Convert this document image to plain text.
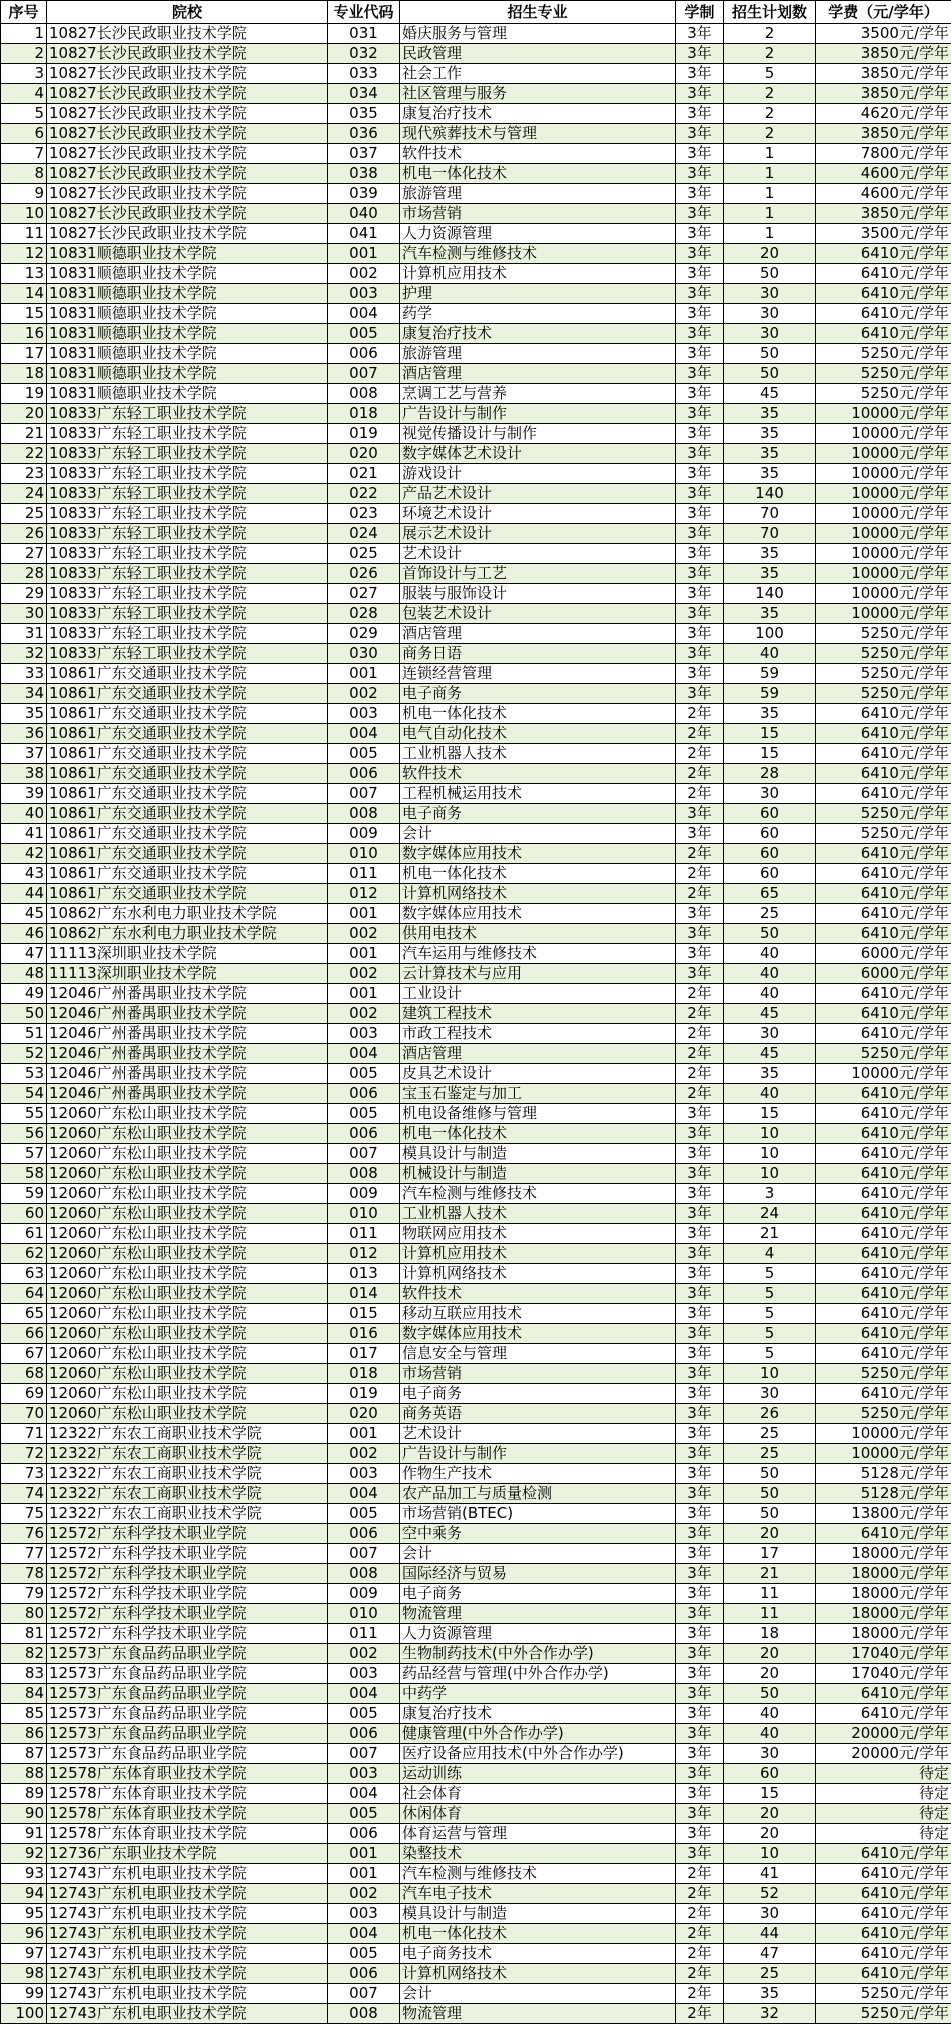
序号	院校	专业代码	招生专业	学制	招生计划数	学费（元/学年）
1	10827长沙民政职业技术学院	031	婚庆服务与管理	3年	2	3500元/学年
2	10827长沙民政职业技术学院	032	民政管理	3年	2	3850元/学年
3	10827长沙民政职业技术学院	033	社会工作	3年	5	3850元/学年
4	10827长沙民政职业技术学院	034	社区管理与服务	3年	2	3850元/学年
5	10827长沙民政职业技术学院	035	康复治疗技术	3年	2	4620元/学年
6	10827长沙民政职业技术学院	036	现代殡葬技术与管理	3年	2	3850元/学年
7	10827长沙民政职业技术学院	037	软件技术	3年	1	7800元/学年
8	10827长沙民政职业技术学院	038	机电一体化技术	3年	1	4600元/学年
9	10827长沙民政职业技术学院	039	旅游管理	3年	1	4600元/学年
10	10827长沙民政职业技术学院	040	市场营销	3年	1	3850元/学年
11	10827长沙民政职业技术学院	041	人力资源管理	3年	1	3500元/学年
12	10831顺德职业技术学院	001	汽车检测与维修技术	3年	20	6410元/学年
13	10831顺德职业技术学院	002	计算机应用技术	3年	50	6410元/学年
14	10831顺德职业技术学院	003	护理	3年	30	6410元/学年
15	10831顺德职业技术学院	004	药学	3年	30	6410元/学年
16	10831顺德职业技术学院	005	康复治疗技术	3年	30	6410元/学年
17	10831顺德职业技术学院	006	旅游管理	3年	50	5250元/学年
18	10831顺德职业技术学院	007	酒店管理	3年	50	5250元/学年
19	10831顺德职业技术学院	008	烹调工艺与营养	3年	45	5250元/学年
20	10833广东轻工职业技术学院	018	广告设计与制作	3年	35	10000元/学年
21	10833广东轻工职业技术学院	019	视觉传播设计与制作	3年	35	10000元/学年
22	10833广东轻工职业技术学院	020	数字媒体艺术设计	3年	35	10000元/学年
23	10833广东轻工职业技术学院	021	游戏设计	3年	35	10000元/学年
24	10833广东轻工职业技术学院	022	产品艺术设计	3年	140	10000元/学年
25	10833广东轻工职业技术学院	023	环境艺术设计	3年	70	10000元/学年
26	10833广东轻工职业技术学院	024	展示艺术设计	3年	70	10000元/学年
27	10833广东轻工职业技术学院	025	艺术设计	3年	35	10000元/学年
28	10833广东轻工职业技术学院	026	首饰设计与工艺	3年	35	10000元/学年
29	10833广东轻工职业技术学院	027	服装与服饰设计	3年	140	10000元/学年
30	10833广东轻工职业技术学院	028	包装艺术设计	3年	35	10000元/学年
31	10833广东轻工职业技术学院	029	酒店管理	3年	100	5250元/学年
32	10833广东轻工职业技术学院	030	商务日语	3年	40	5250元/学年
33	10861广东交通职业技术学院	001	连锁经营管理	3年	59	5250元/学年
34	10861广东交通职业技术学院	002	电子商务	3年	59	5250元/学年
35	10861广东交通职业技术学院	003	机电一体化技术	2年	35	6410元/学年
36	10861广东交通职业技术学院	004	电气自动化技术	2年	15	6410元/学年
37	10861广东交通职业技术学院	005	工业机器人技术	2年	15	6410元/学年
38	10861广东交通职业技术学院	006	软件技术	2年	28	6410元/学年
39	10861广东交通职业技术学院	007	工程机械运用技术	2年	30	6410元/学年
40	10861广东交通职业技术学院	008	电子商务	3年	60	5250元/学年
41	10861广东交通职业技术学院	009	会计	3年	60	5250元/学年
42	10861广东交通职业技术学院	010	数字媒体应用技术	2年	60	6410元/学年
43	10861广东交通职业技术学院	011	机电一体化技术	2年	60	6410元/学年
44	10861广东交通职业技术学院	012	计算机网络技术	2年	65	6410元/学年
45	10862广东水利电力职业技术学院	001	数字媒体应用技术	3年	25	6410元/学年
46	10862广东水利电力职业技术学院	002	供用电技术	3年	50	6410元/学年
47	11113深圳职业技术学院	001	汽车运用与维修技术	3年	40	6000元/学年
48	11113深圳职业技术学院	002	云计算技术与应用	3年	40	6000元/学年
49	12046广州番禺职业技术学院	001	工业设计	2年	40	6410元/学年
50	12046广州番禺职业技术学院	002	建筑工程技术	2年	45	6410元/学年
51	12046广州番禺职业技术学院	003	市政工程技术	2年	30	6410元/学年
52	12046广州番禺职业技术学院	004	酒店管理	2年	45	5250元/学年
53	12046广州番禺职业技术学院	005	皮具艺术设计	2年	35	10000元/学年
54	12046广州番禺职业技术学院	006	宝玉石鉴定与加工	2年	40	6410元/学年
55	12060广东松山职业技术学院	005	机电设备维修与管理	3年	15	6410元/学年
56	12060广东松山职业技术学院	006	机电一体化技术	3年	10	6410元/学年
57	12060广东松山职业技术学院	007	模具设计与制造	3年	10	6410元/学年
58	12060广东松山职业技术学院	008	机械设计与制造	3年	10	6410元/学年
59	12060广东松山职业技术学院	009	汽车检测与维修技术	3年	3	6410元/学年
60	12060广东松山职业技术学院	010	工业机器人技术	3年	24	6410元/学年
61	12060广东松山职业技术学院	011	物联网应用技术	3年	21	6410元/学年
62	12060广东松山职业技术学院	012	计算机应用技术	3年	4	6410元/学年
63	12060广东松山职业技术学院	013	计算机网络技术	3年	5	6410元/学年
64	12060广东松山职业技术学院	014	软件技术	3年	5	6410元/学年
65	12060广东松山职业技术学院	015	移动互联应用技术	3年	5	6410元/学年
66	12060广东松山职业技术学院	016	数字媒体应用技术	3年	5	6410元/学年
67	12060广东松山职业技术学院	017	信息安全与管理	3年	5	6410元/学年
68	12060广东松山职业技术学院	018	市场营销	3年	10	5250元/学年
69	12060广东松山职业技术学院	019	电子商务	3年	30	6410元/学年
70	12060广东松山职业技术学院	020	商务英语	3年	26	5250元/学年
71	12322广东农工商职业技术学院	001	艺术设计	3年	25	10000元/学年
72	12322广东农工商职业技术学院	002	广告设计与制作	3年	25	10000元/学年
73	12322广东农工商职业技术学院	003	作物生产技术	3年	50	5128元/学年
74	12322广东农工商职业技术学院	004	农产品加工与质量检测	3年	50	5128元/学年
75	12322广东农工商职业技术学院	005	市场营销(BTEC)	3年	50	13800元/学年
76	12572广东科学技术职业学院	006	空中乘务	3年	20	6410元/学年
77	12572广东科学技术职业学院	007	会计	3年	17	18000元/学年
78	12572广东科学技术职业学院	008	国际经济与贸易	3年	21	18000元/学年
79	12572广东科学技术职业学院	009	电子商务	3年	11	18000元/学年
80	12572广东科学技术职业学院	010	物流管理	3年	11	18000元/学年
81	12572广东科学技术职业学院	011	人力资源管理	3年	18	18000元/学年
82	12573广东食品药品职业学院	002	生物制药技术(中外合作办学)	3年	20	17040元/学年
83	12573广东食品药品职业学院	003	药品经营与管理(中外合作办学)	3年	20	17040元/学年
84	12573广东食品药品职业学院	004	中药学	3年	50	6410元/学年
85	12573广东食品药品职业学院	005	康复治疗技术	3年	40	6410元/学年
86	12573广东食品药品职业学院	006	健康管理(中外合作办学)	3年	40	20000元/学年
87	12573广东食品药品职业学院	007	医疗设备应用技术(中外合作办学)	3年	30	20000元/学年
88	12578广东体育职业技术学院	003	运动训练	3年	60	待定
89	12578广东体育职业技术学院	004	社会体育	3年	15	待定
90	12578广东体育职业技术学院	005	休闲体育	3年	20	待定
91	12578广东体育职业技术学院	006	体育运营与管理	3年	20	待定
92	12736广东职业技术学院	001	染整技术	3年	10	6410元/学年
93	12743广东机电职业技术学院	001	汽车检测与维修技术	2年	41	6410元/学年
94	12743广东机电职业技术学院	002	汽车电子技术	2年	52	6410元/学年
95	12743广东机电职业技术学院	003	模具设计与制造	2年	30	6410元/学年
96	12743广东机电职业技术学院	004	机电一体化技术	2年	44	6410元/学年
97	12743广东机电职业技术学院	005	电子商务技术	2年	47	6410元/学年
98	12743广东机电职业技术学院	006	计算机网络技术	2年	25	6410元/学年
99	12743广东机电职业技术学院	007	会计	2年	35	5250元/学年
100	12743广东机电职业技术学院	008	物流管理	2年	32	5250元/学年
